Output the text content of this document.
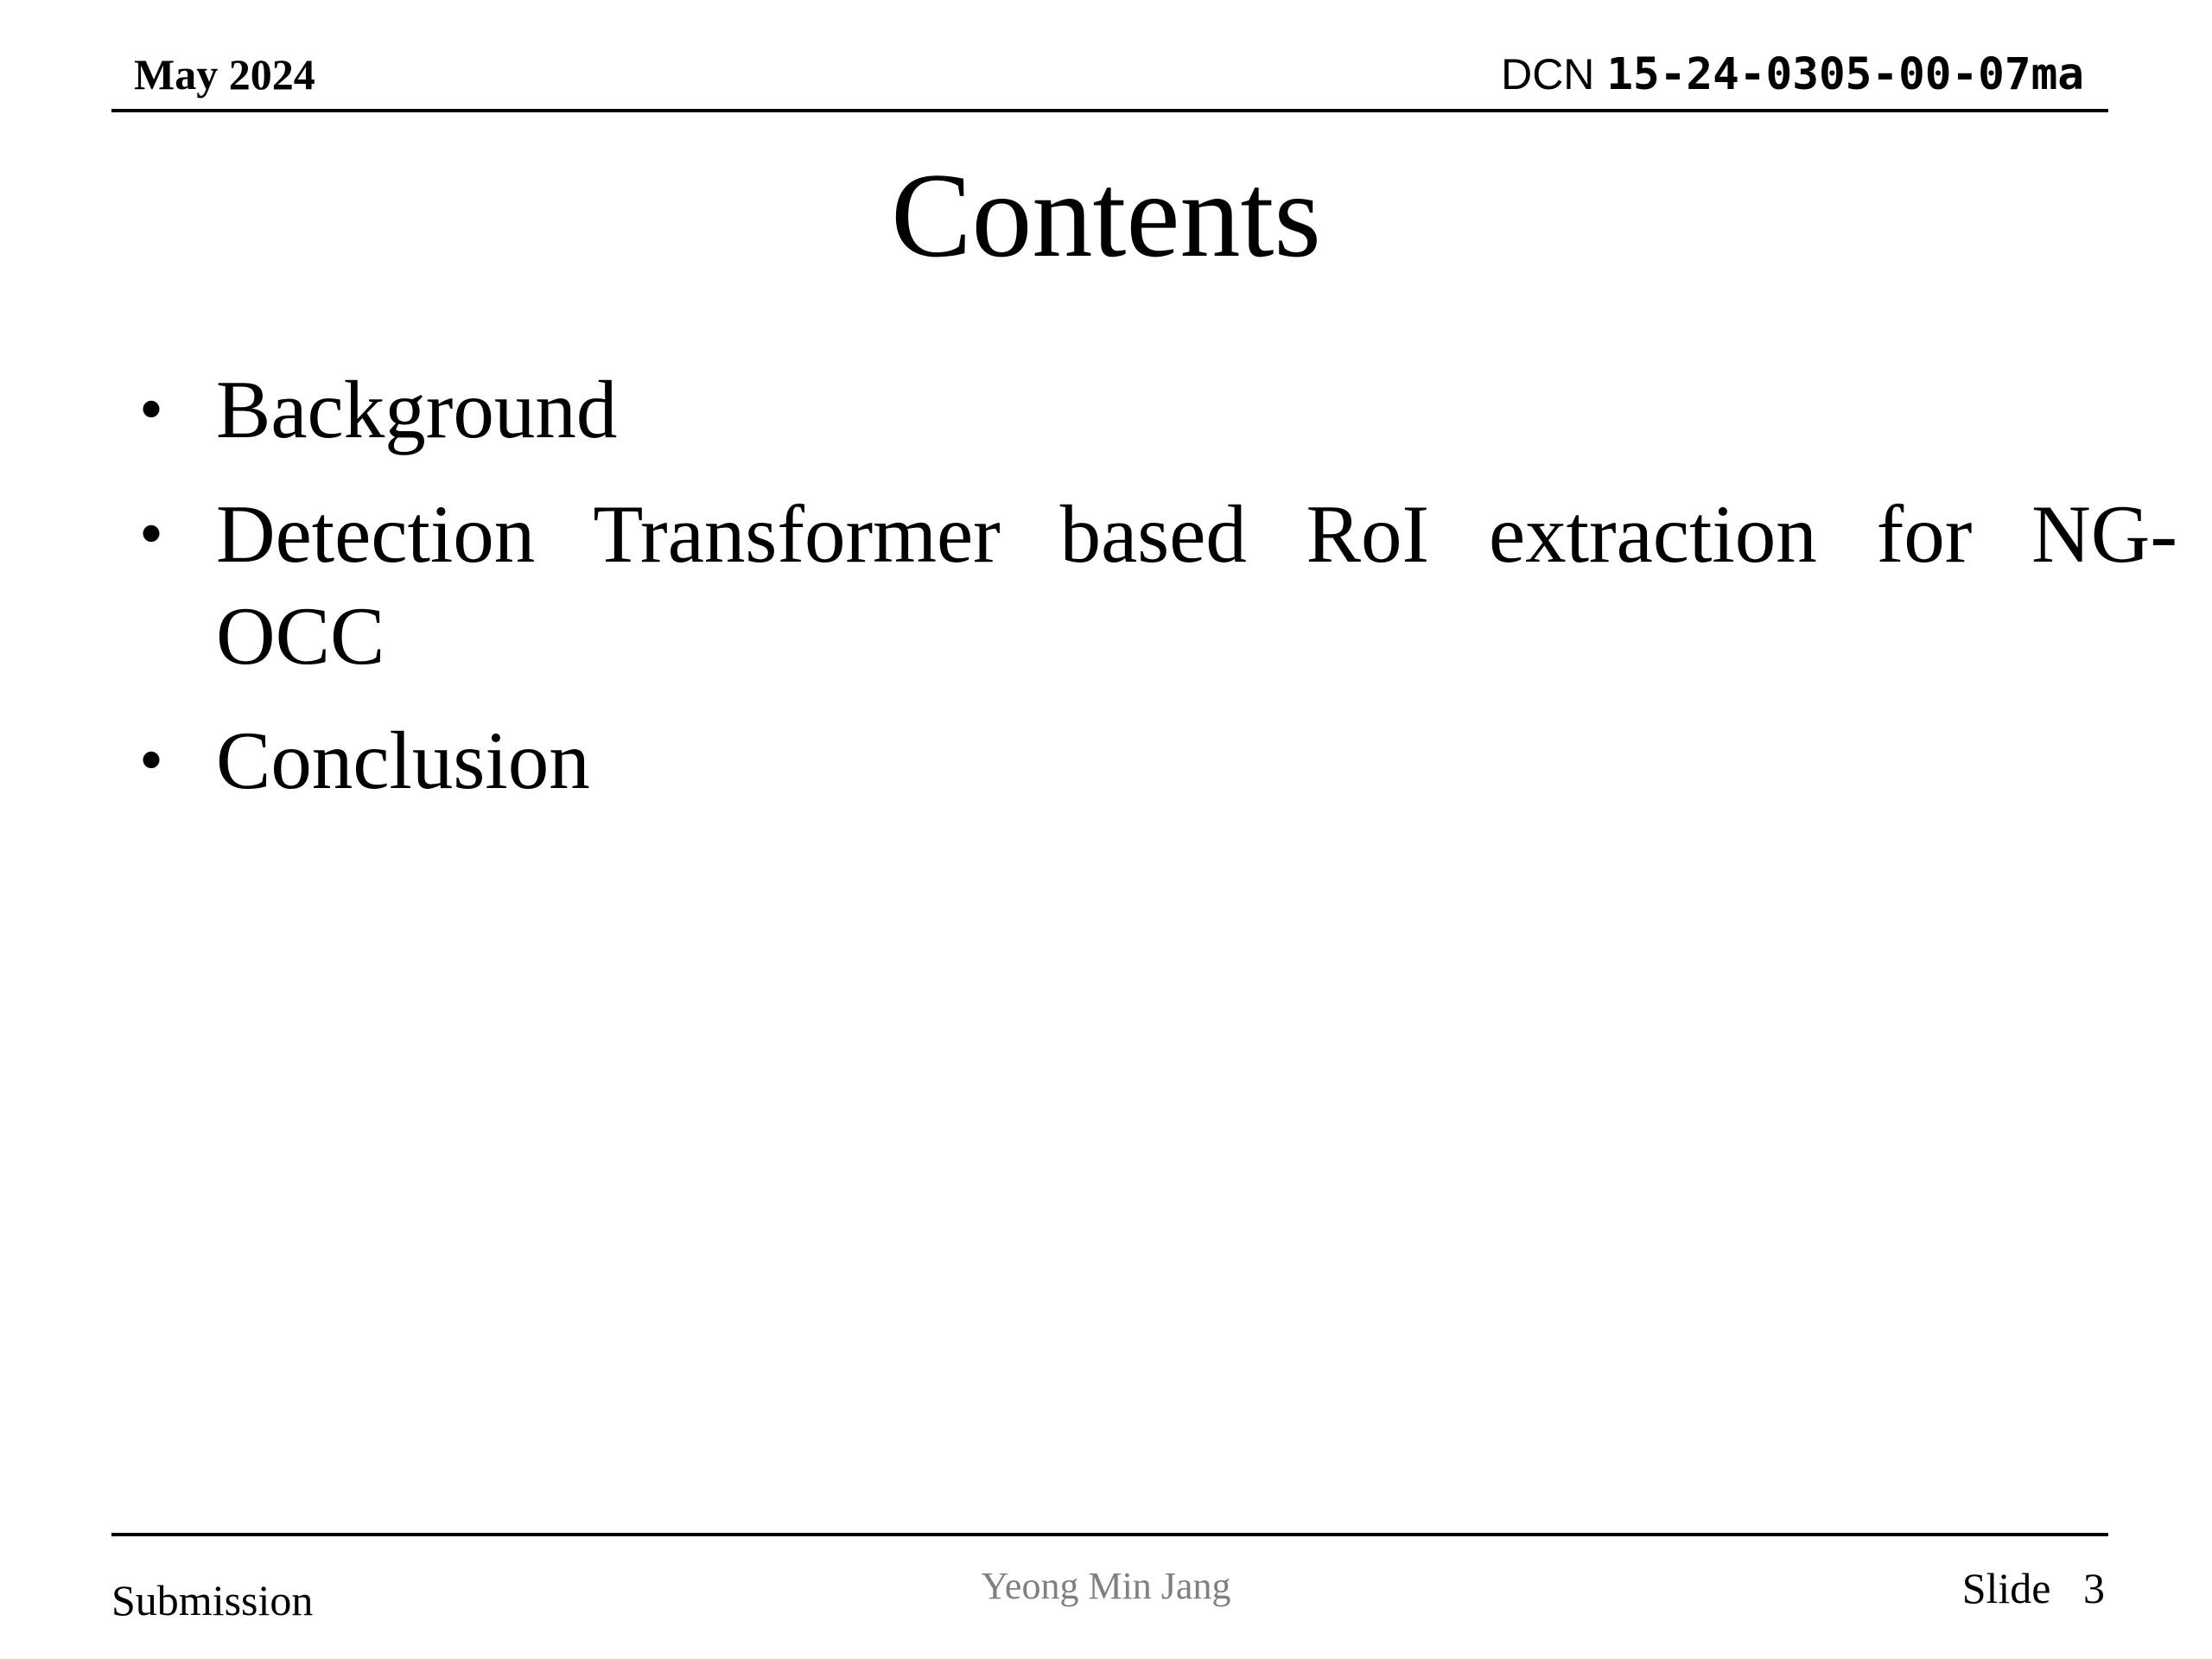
May 2024	DCN 15-24-0305-00-07ma
Contents
• Background
• Detection Transformer based RoI extraction for NG-OCC
• Conclusion
Submission	Yeong Min Jang	Slide 3
